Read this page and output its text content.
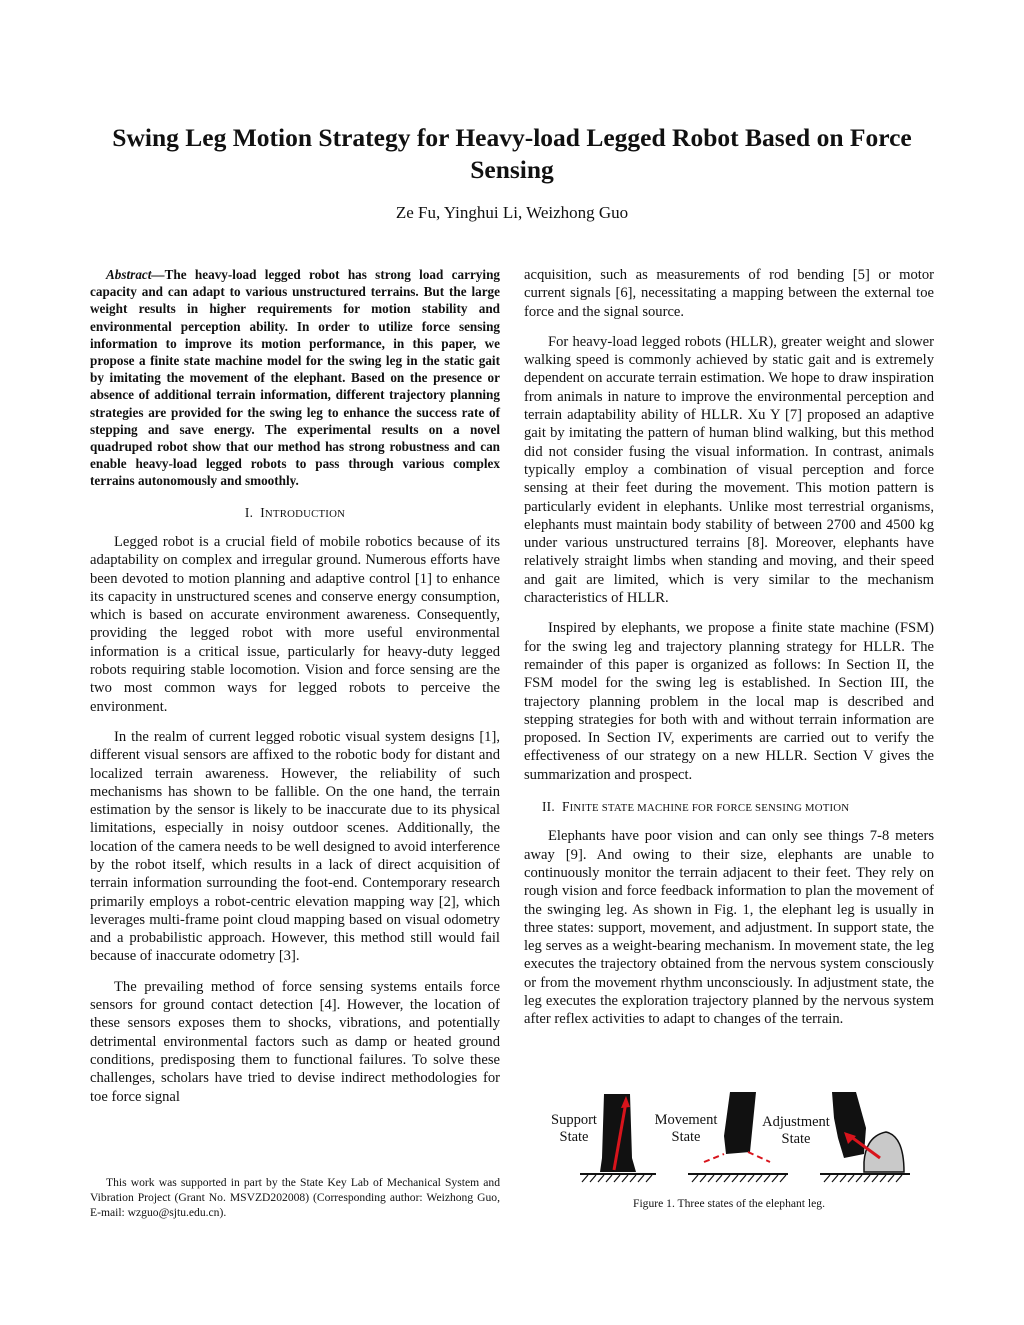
Swing Leg Motion Strategy for Heavy-load Legged Robot Based on Force Sensing
Ze Fu, Yinghui Li, Weizhong Guo

Abstract—The heavy-load legged robot has strong load carrying capacity and can adapt to various unstructured terrains. But the large weight results in higher requirements for motion stability and environmental perception ability. In order to utilize force sensing information to improve its motion performance, in this paper, we propose a finite state machine model for the swing leg in the static gait by imitating the movement of the elephant. Based on the presence or absence of additional terrain information, different trajectory planning strategies are provided for the swing leg to enhance the success rate of stepping and save energy. The experimental results on a novel quadruped robot show that our method has strong robustness and can enable heavy-load legged robots to pass through various complex terrains autonomously and smoothly.

I. INTRODUCTION

Legged robot is a crucial field of mobile robotics because of its adaptability on complex and irregular ground. Numerous efforts have been devoted to motion planning and adaptive control [1] to enhance its capacity in unstructured scenes and conserve energy consumption, which is based on accurate environment awareness. Consequently, providing the legged robot with more useful environmental information is a critical issue, particularly for heavy-duty legged robots requiring stable locomotion. Vision and force sensing are the two most common ways for legged robots to perceive the environment.

In the realm of current legged robotic visual system designs [1], different visual sensors are affixed to the robotic body for distant and localized terrain awareness. However, the reliability of such mechanisms has shown to be fallible. On the one hand, the terrain estimation by the sensor is likely to be inaccurate due to its physical limitations, especially in noisy outdoor scenes. Additionally, the location of the camera needs to be well designed to avoid interference by the robot itself, which results in a lack of direct acquisition of terrain information surrounding the foot-end. Contemporary research primarily employs a robot-centric elevation mapping way [2], which leverages multi-frame point cloud mapping based on visual odometry and a probabilistic approach. However, this method still would fail because of inaccurate odometry [3].

The prevailing method of force sensing systems entails force sensors for ground contact detection [4]. However, the location of these sensors exposes them to shocks, vibrations, and potentially detrimental environmental factors such as damp or heated ground conditions, predisposing them to functional failures. To solve these challenges, scholars have tried to devise indirect methodologies for toe force signal

This work was supported in part by the State Key Lab of Mechanical System and Vibration Project (Grant No. MSVZD202008) (Corresponding author: Weizhong Guo, E-mail: wzguo@sjtu.edu.cn).

acquisition, such as measurements of rod bending [5] or motor current signals [6], necessitating a mapping between the external toe force and the signal source.

For heavy-load legged robots (HLLR), greater weight and slower walking speed is commonly achieved by static gait and is extremely dependent on accurate terrain estimation. We hope to draw inspiration from animals in nature to improve the environmental perception and terrain adaptability ability of HLLR. Xu Y [7] proposed an adaptive gait by imitating the pattern of human blind walking, but this method did not consider fusing the visual information. In contrast, animals typically employ a combination of visual perception and force sensing at their feet during the movement. This motion pattern is particularly evident in elephants. Unlike most terrestrial organisms, elephants must maintain body stability of between 2700 and 4500 kg under various unstructured terrains [8]. Moreover, elephants have relatively straight limbs when standing and moving, and their speed and gait are limited, which is very similar to the mechanism characteristics of HLLR.

Inspired by elephants, we propose a finite state machine (FSM) for the swing leg and trajectory planning strategy for HLLR. The remainder of this paper is organized as follows: In Section II, the FSM model for the swing leg is established. In Section III, the trajectory planning problem in the local map is described and stepping strategies for both with and without terrain information are proposed. In Section IV, experiments are carried out to verify the effectiveness of our strategy on a new HLLR. Section V gives the summarization and prospect.

II. FINITE STATE MACHINE FOR FORCE SENSING MOTION

Elephants have poor vision and can only see things 7-8 meters away [9]. And owing to their size, elephants are unable to continuously monitor the terrain adjacent to their feet. They rely on rough vision and force feedback information to plan the movement of the swinging leg. As shown in Fig. 1, the elephant leg is usually in three states: support, movement, and adjustment. In support state, the leg serves as a weight-bearing mechanism. In movement state, the leg executes the trajectory obtained from the nervous system consciously or from the movement rhythm unconsciously. In adjustment state, the leg executes the exploration trajectory planned by the nervous system after reflex activities to adapt to changes of the terrain.

Support
State
Movement
State
Adjustment
State
Figure 1. Three states of the elephant leg.
